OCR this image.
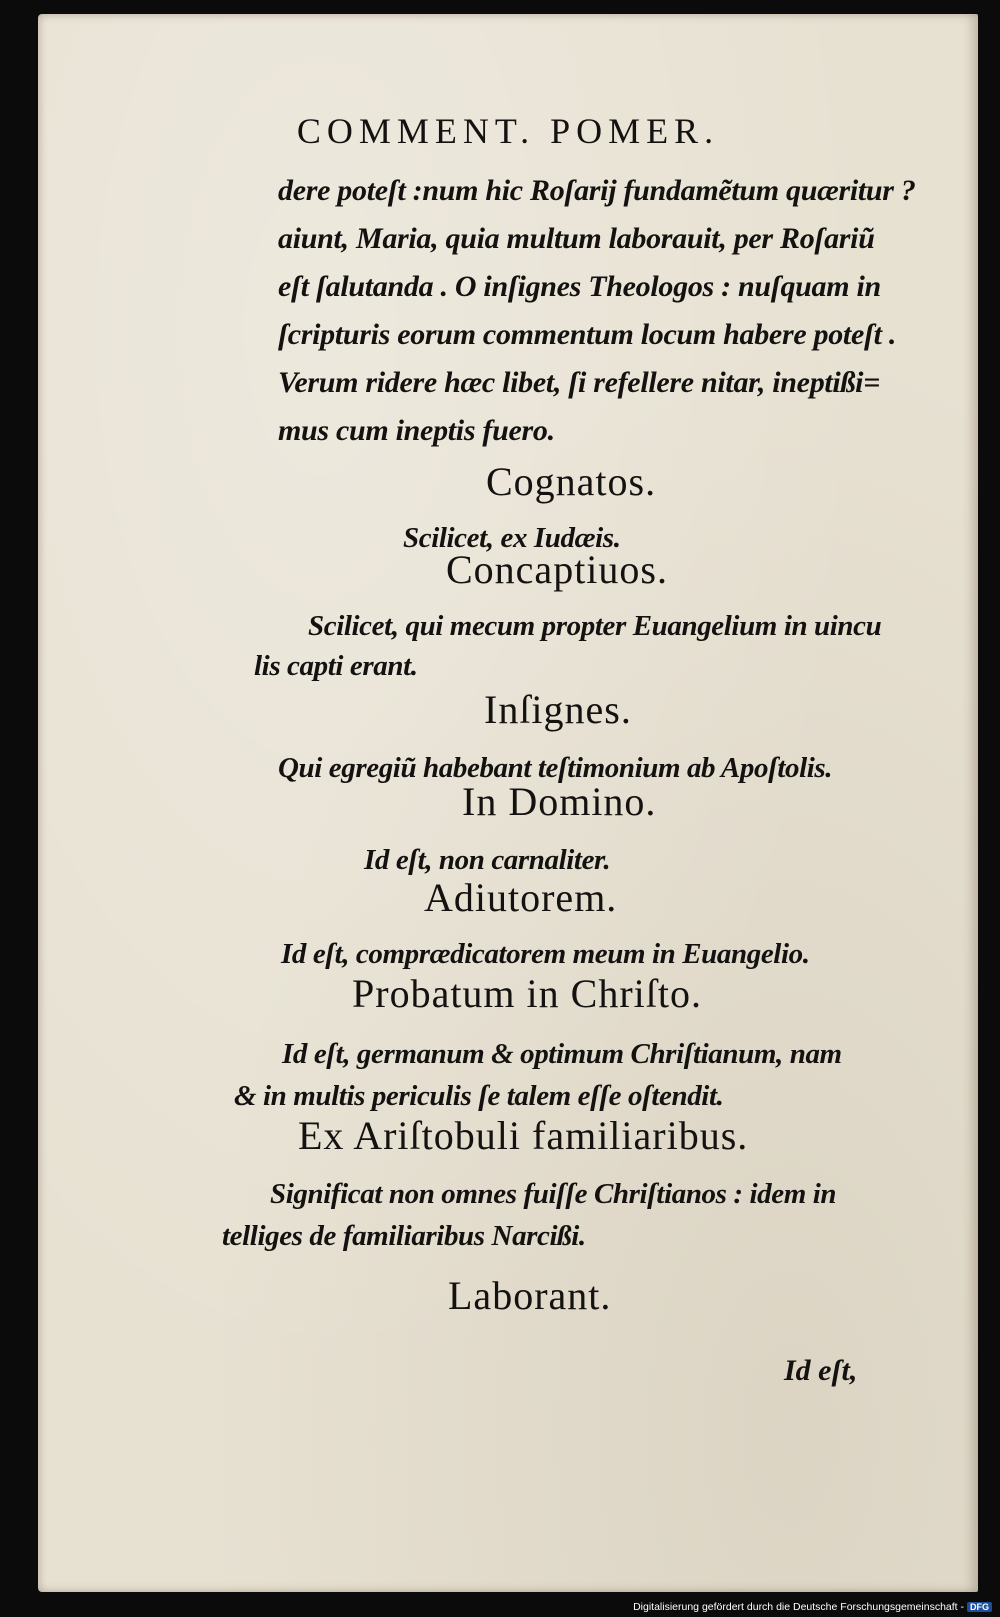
COMMENT. POMER.
dere poteſt :num hic Roſarij fundamẽtum quæritur ?
aiunt, Maria, quia multum laborauit, per Roſariũ
eſt ſalutanda . O inſignes Theologos : nuſquam in
ſcripturis eorum commentum locum habere poteſt .
Verum ridere hæc libet, ſi refellere nitar, ineptißi=
mus cum ineptis fuero.
Cognatos.
Scilicet, ex Iudæis.
Concaptiuos.
Scilicet, qui mecum propter Euangelium in uincu
lis capti erant.
Inſignes.
Qui egregiũ habebant teſtimonium ab Apoſtolis.
In Domino.
Id eſt, non carnaliter.
Adiutorem.
Id eſt, comprædicatorem meum in Euangelio.
Probatum in Chriſto.
Id eſt, germanum & optimum Chriſtianum, nam
& in multis periculis ſe talem eſſe oſtendit.
Ex Ariſtobuli familiaribus.
Significat non omnes fuiſſe Chriſtianos : idem in
telliges de familiaribus Narcißi.
Laborant.
Id eſt,
Digitalisierung gefördert durch die Deutsche Forschungsgemeinschaft - DFG
